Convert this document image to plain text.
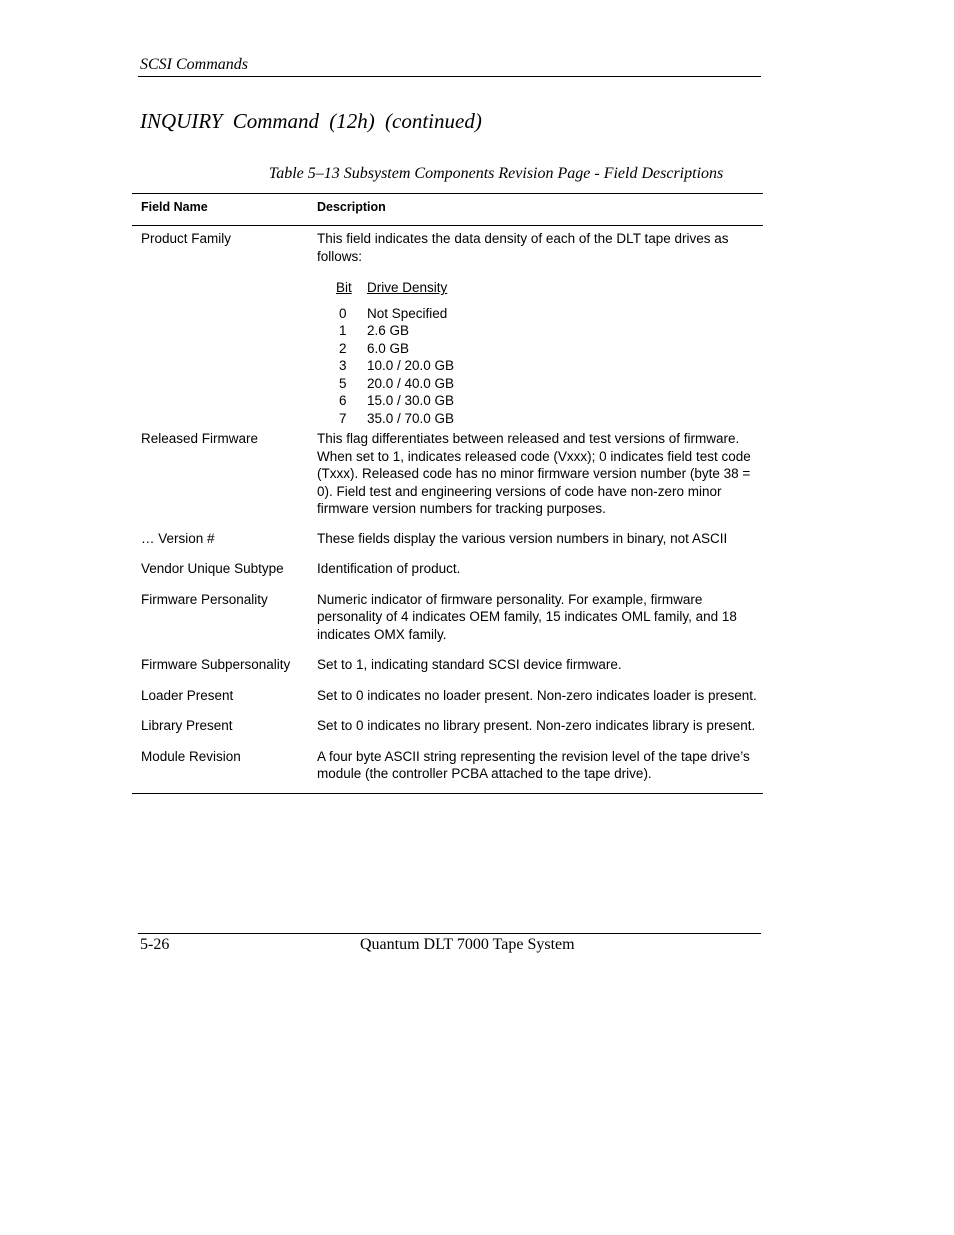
SCSI Commands
INQUIRY Command (12h) (continued)
Table 5–13 Subsystem Components Revision Page - Field Descriptions
Field Name	Description
Product Family	This field indicates the data density of each of the DLT tape drives as follows:
Bit	Drive Density
0	Not Specified
1	2.6 GB
2	6.0 GB
3	10.0 / 20.0 GB
5	20.0 / 40.0 GB
6	15.0 / 30.0 GB
7	35.0 / 70.0 GB
Released Firmware	This flag differentiates between released and test versions of firmware. When set to 1, indicates released code (Vxxx); 0 indicates field test code (Txxx). Released code has no minor firmware version number (byte 38 = 0). Field test and engineering versions of code have non-zero minor firmware version numbers for tracking purposes.
… Version #	These fields display the various version numbers in binary, not ASCII
Vendor Unique Subtype	Identification of product.
Firmware Personality	Numeric indicator of firmware personality. For example, firmware personality of 4 indicates OEM family, 15 indicates OML family, and 18 indicates OMX family.
Firmware Subpersonality	Set to 1, indicating standard SCSI device firmware.
Loader Present	Set to 0 indicates no loader present. Non-zero indicates loader is present.
Library Present	Set to 0 indicates no library present. Non-zero indicates library is present.
Module Revision	A four byte ASCII string representing the revision level of the tape drive’s module (the controller PCBA attached to the tape drive).
5-26	Quantum DLT 7000 Tape System
